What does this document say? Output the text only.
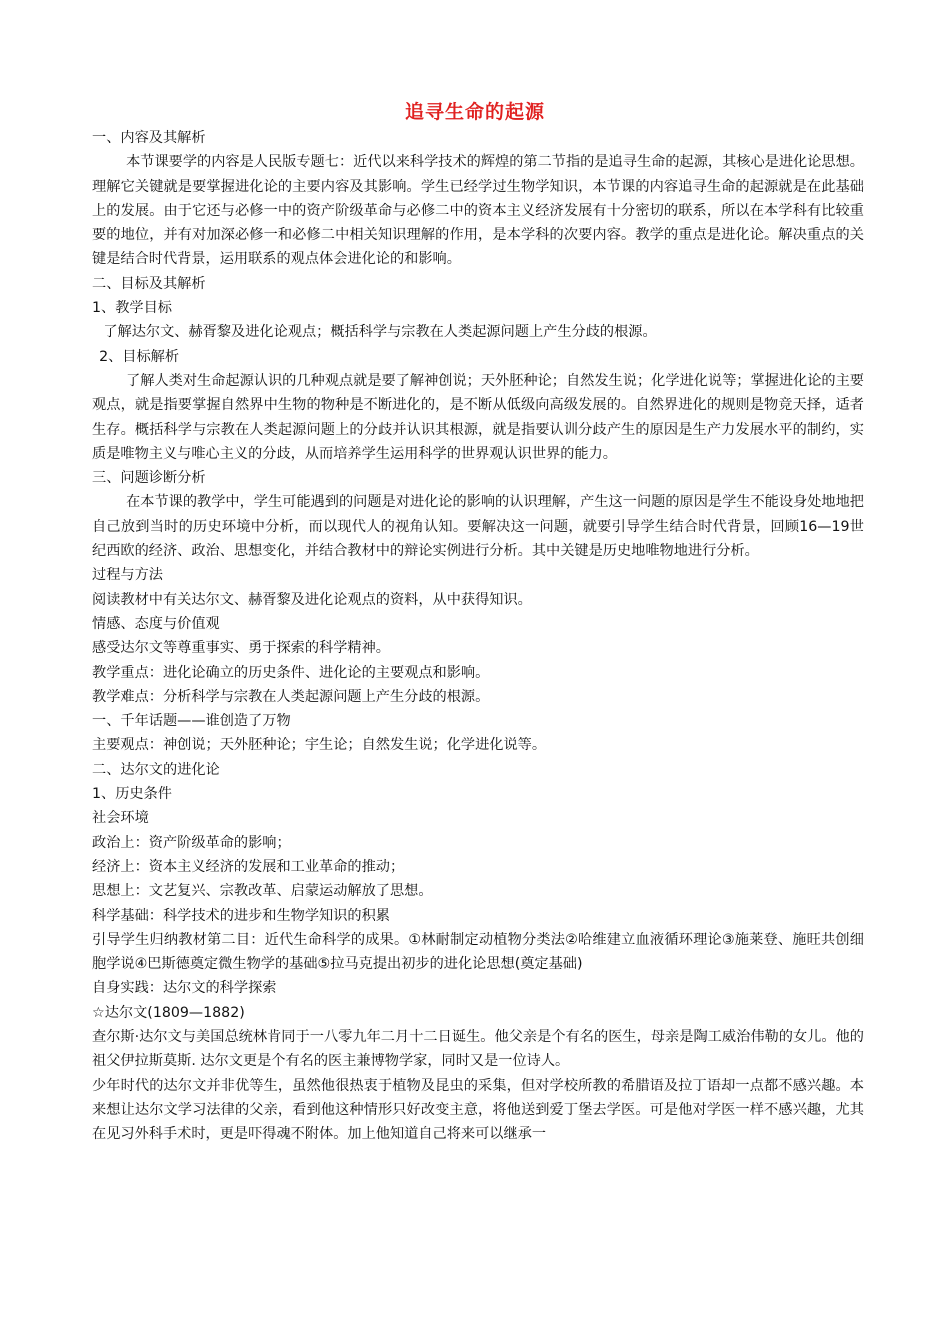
追寻生命的起源

一、内容及其解析

本节课要学的内容是人民版专题七：近代以来科学技术的辉煌的第二节指的是追寻生命的起源，其核心是进化论思想。理解它关键就是要掌握进化论的主要内容及其影响。学生已经学过生物学知识，本节课的内容追寻生命的起源就是在此基础上的发展。由于它还与必修一中的资产阶级革命与必修二中的资本主义经济发展有十分密切的联系，所以在本学科有比较重要的地位，并有对加深必修一和必修二中相关知识理解的作用，是本学科的次要内容。教学的重点是进化论。解决重点的关键是结合时代背景，运用联系的观点体会进化论的和影响。

二、目标及其解析

1、教学目标

了解达尔文、赫胥黎及进化论观点；概括科学与宗教在人类起源问题上产生分歧的根源。

2、目标解析

了解人类对生命起源认识的几种观点就是要了解神创说；天外胚种论；自然发生说；化学进化说等；掌握进化论的主要观点，就是指要掌握自然界中生物的物种是不断进化的，是不断从低级向高级发展的。自然界进化的规则是物竞天择，适者生存。概括科学与宗教在人类起源问题上的分歧并认识其根源，就是指要认训分歧产生的原因是生产力发展水平的制约，实质是唯物主义与唯心主义的分歧，从而培养学生运用科学的世界观认识世界的能力。

三、问题诊断分析

在本节课的教学中，学生可能遇到的问题是对进化论的影响的认识理解，产生这一问题的原因是学生不能设身处地地把自己放到当时的历史环境中分析，而以现代人的视角认知。要解决这一问题，就要引导学生结合时代背景，回顾16—19世纪西欧的经济、政治、思想变化，并结合教材中的辩论实例进行分析。其中关键是历史地唯物地进行分析。

过程与方法

阅读教材中有关达尔文、赫胥黎及进化论观点的资料，从中获得知识。

情感、态度与价值观

感受达尔文等尊重事实、勇于探索的科学精神。

教学重点：进化论确立的历史条件、进化论的主要观点和影响。

教学难点：分析科学与宗教在人类起源问题上产生分歧的根源。

一、千年话题——谁创造了万物

主要观点：神创说；天外胚种论；宇生论；自然发生说；化学进化说等。

二、达尔文的进化论

1、历史条件

社会环境

政治上：资产阶级革命的影响；

经济上：资本主义经济的发展和工业革命的推动；

思想上：文艺复兴、宗教改革、启蒙运动解放了思想。

科学基础：科学技术的进步和生物学知识的积累

引导学生归纳教材第二目：近代生命科学的成果。①林耐制定动植物分类法②哈维建立血液循环理论③施莱登、施旺共创细胞学说④巴斯德奠定微生物学的基础⑤拉马克提出初步的进化论思想(奠定基础)

自身实践：达尔文的科学探索

☆达尔文(1809—1882)

查尔斯·达尔文与美国总统林肯同于一八零九年二月十二日诞生。他父亲是个有名的医生，母亲是陶工威治伟勒的女儿。他的祖父伊拉斯莫斯. 达尔文更是个有名的医主兼博物学家，同时又是一位诗人。

少年时代的达尔文并非优等生，虽然他很热衷于植物及昆虫的采集，但对学校所教的希腊语及拉丁语却一点都不感兴趣。本来想让达尔文学习法律的父亲，看到他这种情形只好改变主意，将他送到爱丁堡去学医。可是他对学医一样不感兴趣，尤其在见习外科手术时，更是吓得魂不附体。加上他知道自己将来可以继承一
